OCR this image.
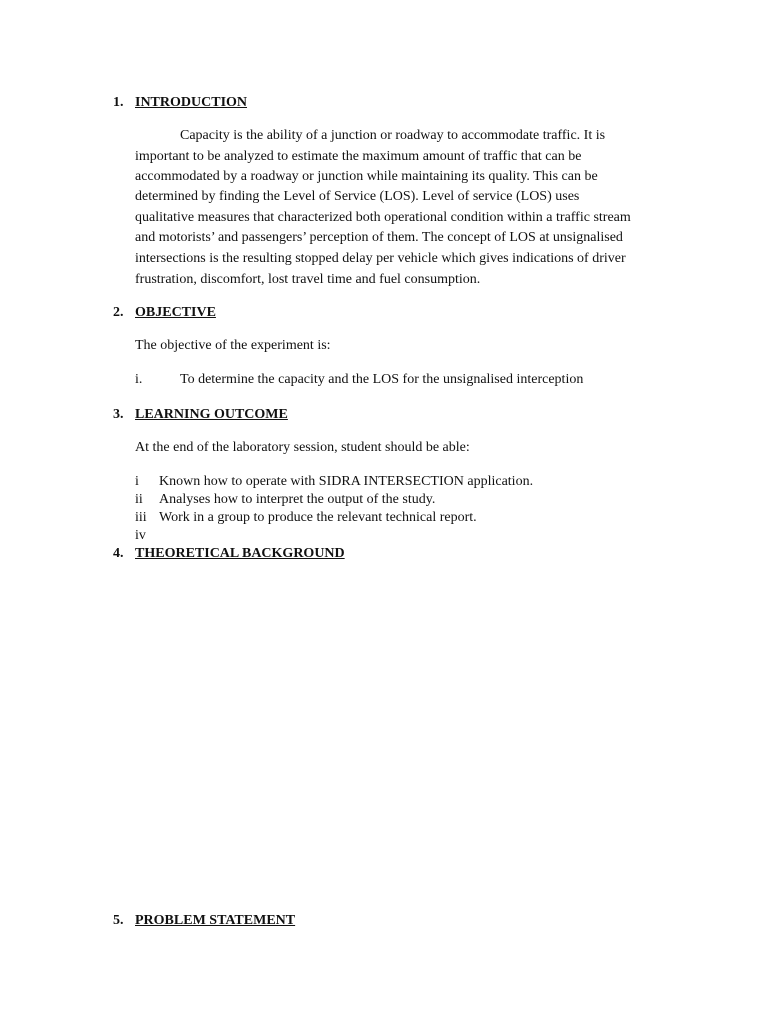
1. INTRODUCTION
Capacity is the ability of a junction or roadway to accommodate traffic. It is
important to be analyzed to estimate the maximum amount of traffic that can be
accommodated by a roadway or junction while maintaining its quality. This can be
determined by finding the Level of Service (LOS). Level of service (LOS) uses
qualitative measures that characterized both operational condition within a traffic stream
and motorists’ and passengers’ perception of them. The concept of LOS at unsignalised
intersections is the resulting stopped delay per vehicle which gives indications of driver
frustration, discomfort, lost travel time and fuel consumption.
2. OBJECTIVE
The objective of the experiment is:
i.	To determine the capacity and the LOS for the unsignalised interception
3. LEARNING OUTCOME
At the end of the laboratory session, student should be able:
i Known how to operate with SIDRA INTERSECTION application.
ii Analyses how to interpret the output of the study.
iii Work in a group to produce the relevant technical report.
iv
4. THEORETICAL BACKGROUND
5. PROBLEM STATEMENT
